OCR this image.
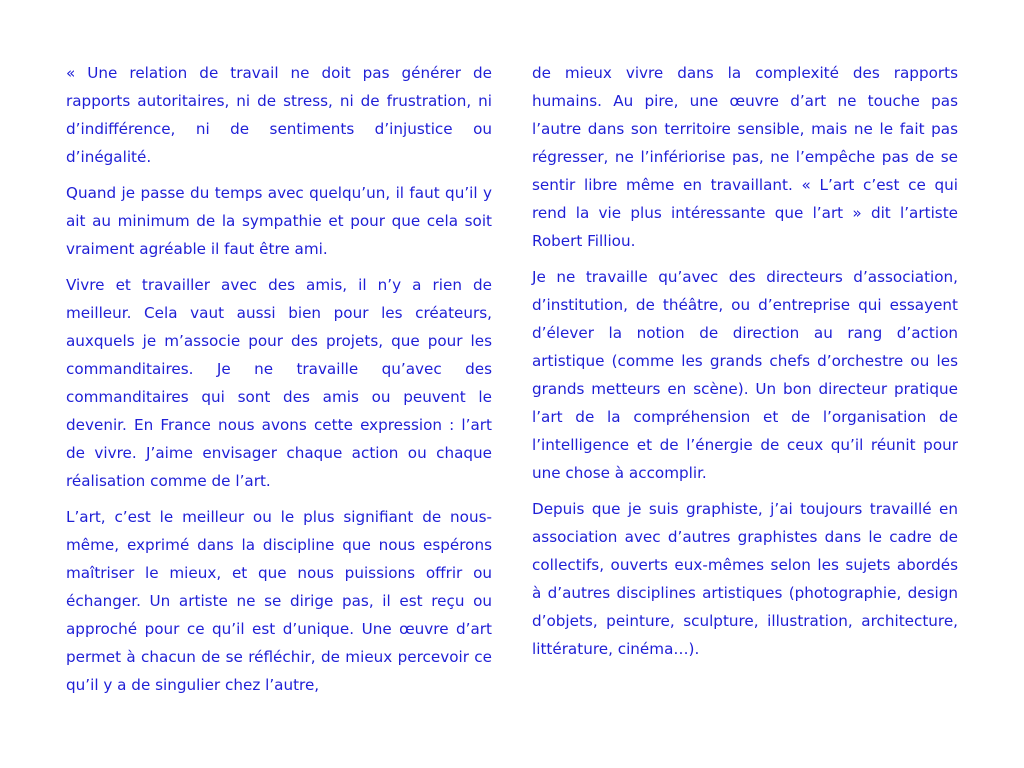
« Une relation de travail ne doit pas générer de rapports autoritaires, ni de stress, ni de frustration, ni d’indifférence, ni de sentiments d’injustice ou d’inégalité.

Quand je passe du temps avec quelqu’un, il faut qu’il y ait au minimum de la sympathie et pour que cela soit vraiment agréable il faut être ami.

Vivre et travailler avec des amis, il n’y a rien de meilleur. Cela vaut aussi bien pour les créateurs, auxquels je m’associe pour des projets, que pour les commanditaires. Je ne travaille qu’avec des commanditaires qui sont des amis ou peuvent le devenir. En France nous avons cette expression : l’art de vivre. J’aime envisager chaque action ou chaque réalisation comme de l’art.

L’art, c’est le meilleur ou le plus signifiant de nousmême, exprimé dans la discipline que nous espérons maîtriser le mieux, et que nous puissions offrir ou échanger. Un artiste ne se dirige pas, il est reçu ou approché pour ce qu’il est d’unique. Une œuvre d’art permet à chacun de se réfléchir, de mieux percevoir ce qu’il y a de singulier chez l’autre,

de mieux vivre dans la complexité des rapports humains. Au pire, une œuvre d’art ne touche pas l’autre dans son territoire sensible, mais ne le fait pas régresser, ne l’infériorise pas, ne l’empêche pas de se sentir libre même en travaillant. « L’art c’est ce qui rend la vie plus intéressante que l’art » dit l’artiste Robert Filliou.

Je ne travaille qu’avec des directeurs d’association, d’institution, de théâtre, ou d’entreprise qui essayent d’élever la notion de direction au rang d’action artistique (comme les grands chefs d’orchestre ou les grands metteurs en scène). Un bon directeur pratique l’art de la compréhension et de l’organisation de l’intelligence et de l’énergie de ceux qu’il réunit pour une chose à accomplir.

Depuis que je suis graphiste, j’ai toujours travaillé en association avec d’autres graphistes dans le cadre de collectifs, ouverts eux-mêmes selon les sujets abordés à d’autres disciplines artistiques (photographie, design d’objets, peinture, sculpture, illustration, architecture, littérature, cinéma…).
